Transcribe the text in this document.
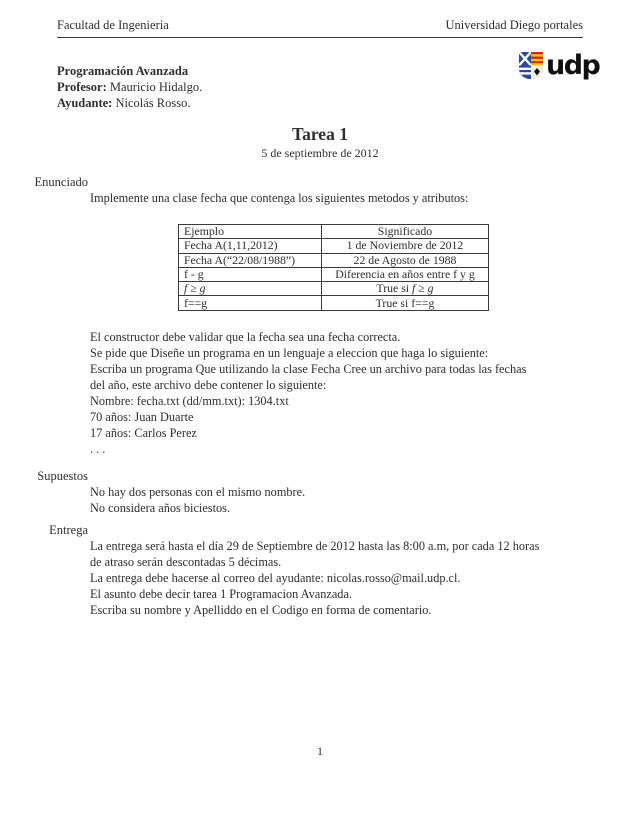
Facultad de Ingenieria	Universidad Diego portales
udp
Programación Avanzada
Profesor: Mauricio Hidalgo.
Ayudante: Nicolás Rosso.
Tarea 1
5 de septiembre de 2012
Enunciado
Implemente una clase fecha que contenga los siguientes metodos y atributos:
Ejemplo	Significado
Fecha A(1,11,2012)	1 de Noviembre de 2012
Fecha A(“22/08/1988”)	22 de Agosto de 1988
f - g	Diferencia en años entre f y g
f ≥ g	True si f ≥ g
f==g	True si f==g
El constructor debe validar que la fecha sea una fecha correcta.
Se pide que Diseñe un programa en un lenguaje a eleccion que haga lo siguiente:
Escriba un programa Que utilizando la clase Fecha Cree un archivo para todas las fechas
del año, este archivo debe contener lo siguiente:
Nombre: fecha.txt (dd/mm.txt): 1304.txt
70 años: Juan Duarte
17 años: Carlos Perez
. . .
Supuestos
No hay dos personas con el mismo nombre.
No considera años biciestos.
Entrega
La entrega será hasta el día 29 de Septiembre de 2012 hasta las 8:00 a.m, por cada 12 horas
de atraso serán descontadas 5 décimas.
La entrega debe hacerse al correo del ayudante: nicolas.rosso@mail.udp.cl.
El asunto debe decir tarea 1 Programacion Avanzada.
Escriba su nombre y Apelliddo en el Codigo en forma de comentario.
1
